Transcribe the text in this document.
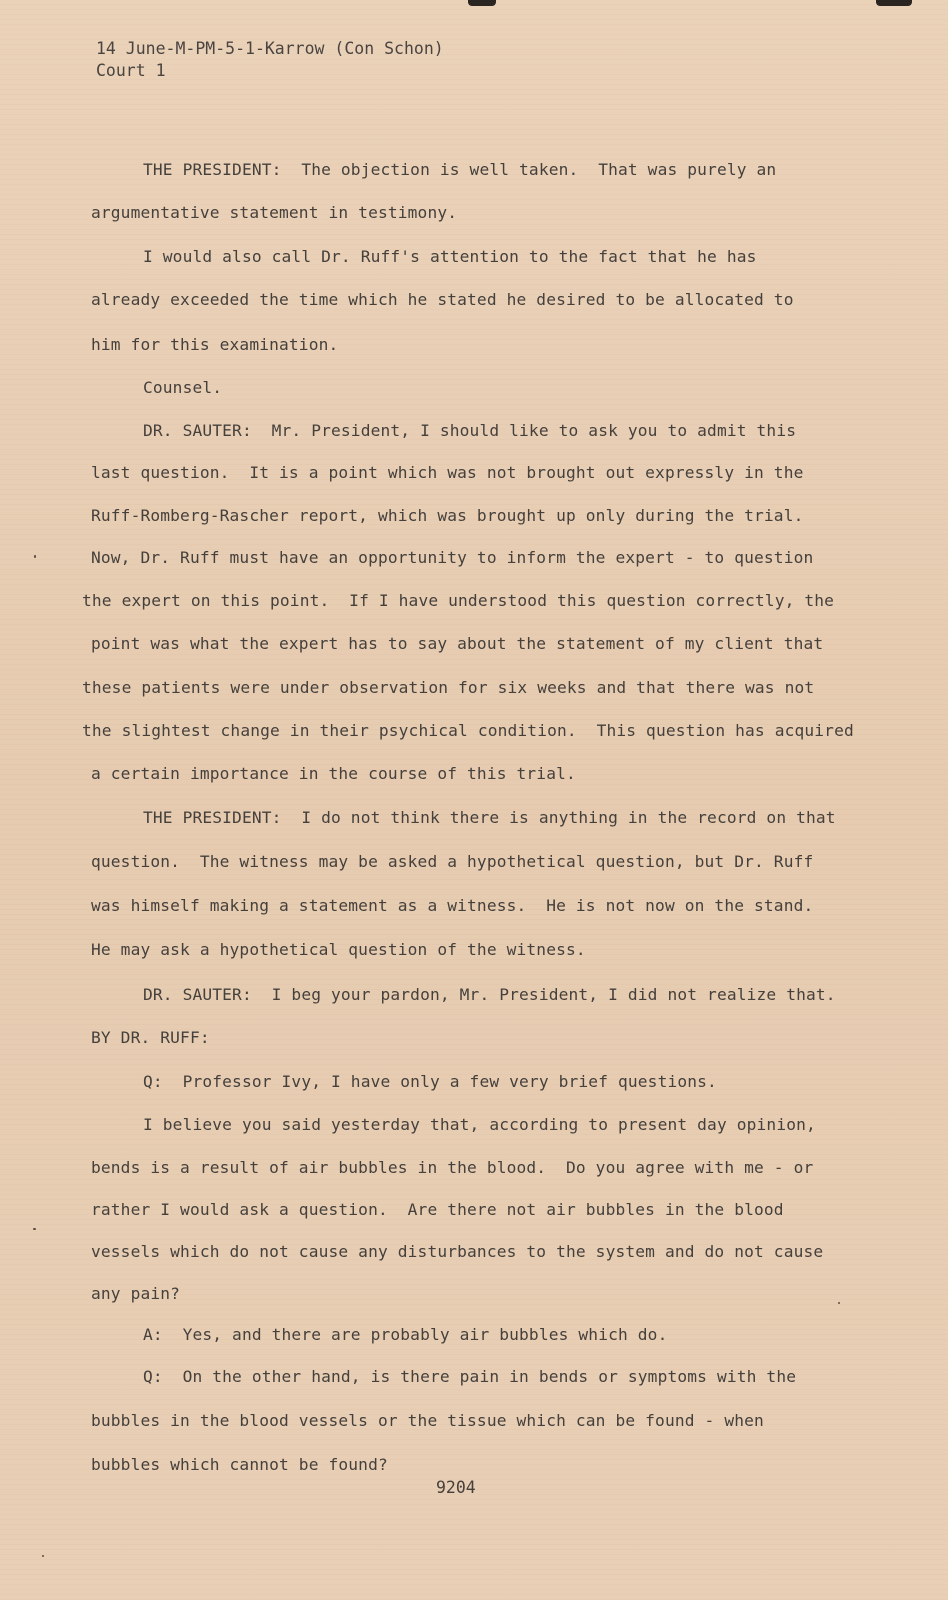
14 June-M-PM-5-1-Karrow (Con Schon)
Court 1
THE PRESIDENT:  The objection is well taken.  That was purely an
argumentative statement in testimony.
I would also call Dr. Ruff's attention to the fact that he has
already exceeded the time which he stated he desired to be allocated to
him for this examination.
Counsel.
DR. SAUTER:  Mr. President, I should like to ask you to admit this
last question.  It is a point which was not brought out expressly in the
Ruff-Romberg-Rascher report, which was brought up only during the trial.
Now, Dr. Ruff must have an opportunity to inform the expert - to question
the expert on this point.  If I have understood this question correctly, the
point was what the expert has to say about the statement of my client that
these patients were under observation for six weeks and that there was not
the slightest change in their psychical condition.  This question has acquired
a certain importance in the course of this trial.
THE PRESIDENT:  I do not think there is anything in the record on that
question.  The witness may be asked a hypothetical question, but Dr. Ruff
was himself making a statement as a witness.  He is not now on the stand.
He may ask a hypothetical question of the witness.
DR. SAUTER:  I beg your pardon, Mr. President, I did not realize that.
BY DR. RUFF:
Q:  Professor Ivy, I have only a few very brief questions.
I believe you said yesterday that, according to present day opinion,
bends is a result of air bubbles in the blood.  Do you agree with me - or
rather I would ask a question.  Are there not air bubbles in the blood
vessels which do not cause any disturbances to the system and do not cause
any pain?
A:  Yes, and there are probably air bubbles which do.
Q:  On the other hand, is there pain in bends or symptoms with the
bubbles in the blood vessels or the tissue which can be found - when
bubbles which cannot be found?
9204
